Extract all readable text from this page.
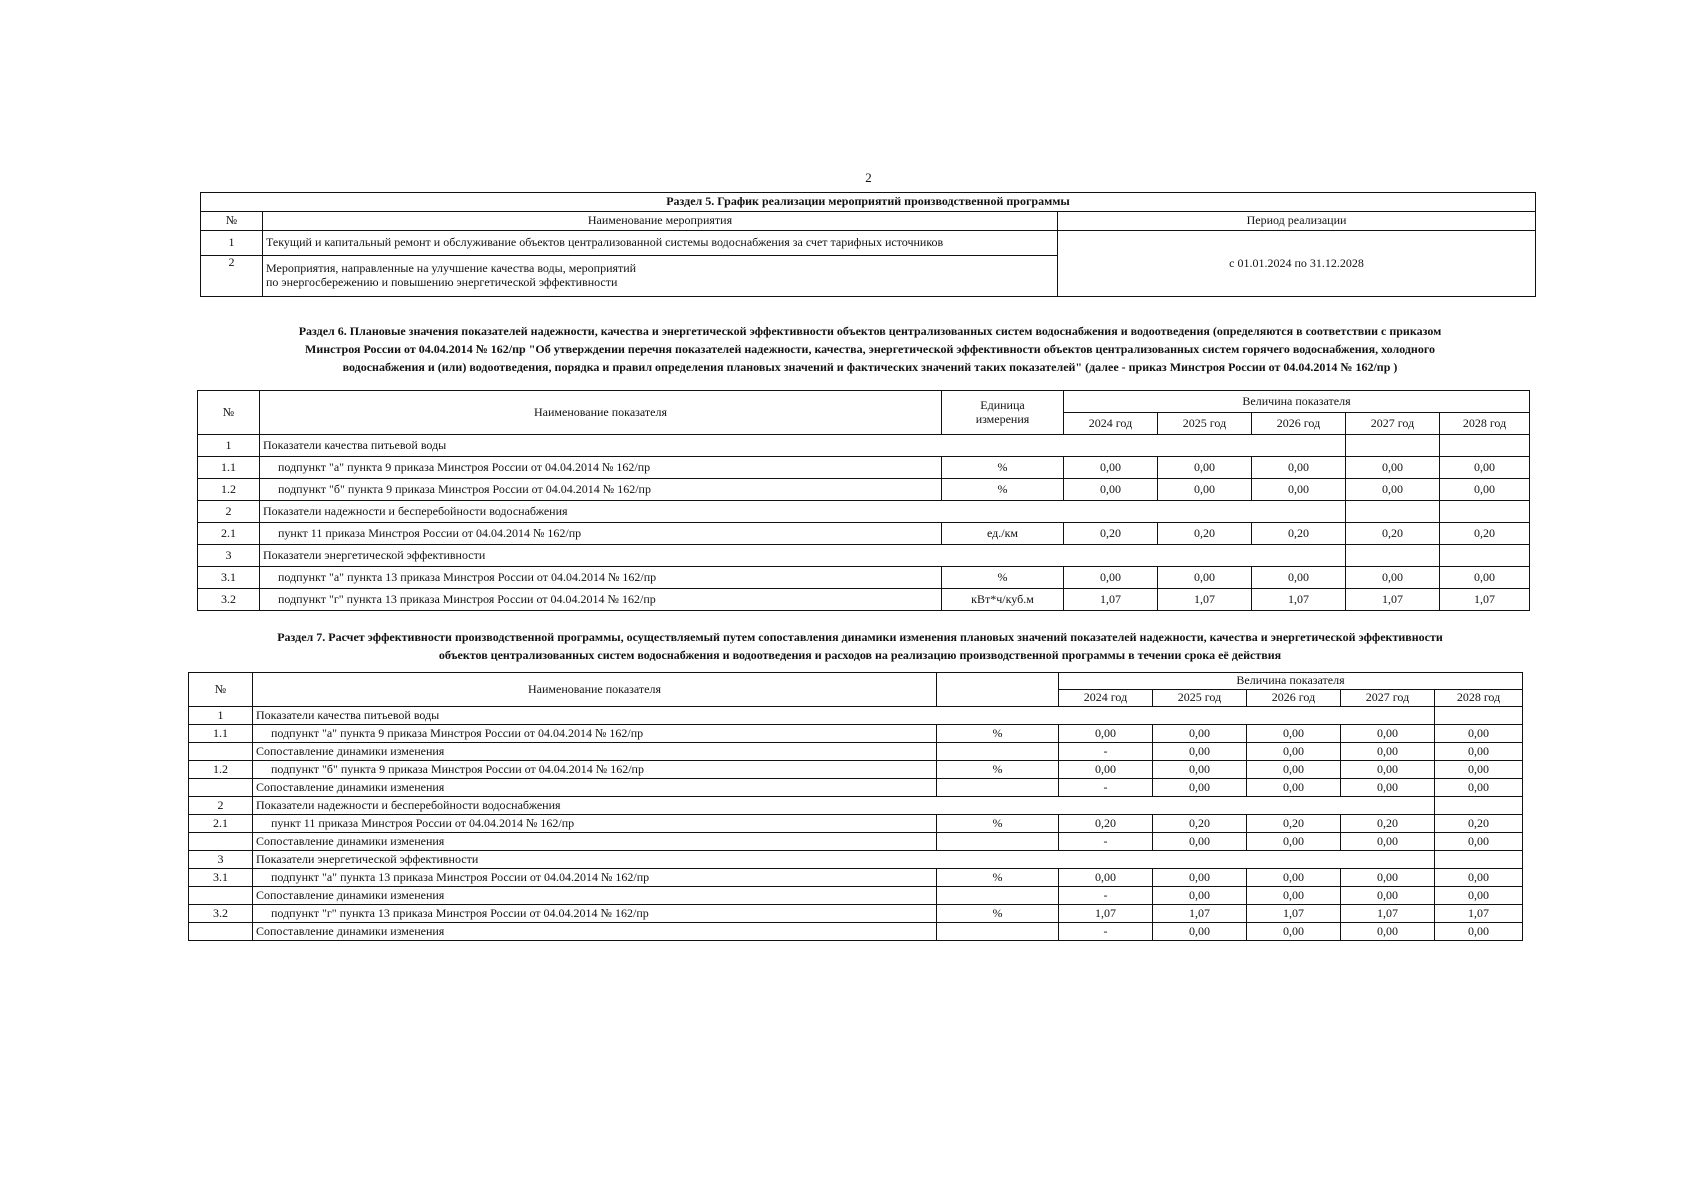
2
Раздел 5. График реализации мероприятий производственной программы		
№	Наименование мероприятия	Период реализации
1	Текущий и капитальный ремонт и обслуживание объектов централизованной системы водоснабжения за счет тарифных источников	с 01.01.2024 по 31.12.2028
2	Мероприятия, направленные на улучшение качества воды, мероприятий
по энергосбережению и повышению энергетической эффективности	
Раздел 6. Плановые значения показателей надежности, качества и энергетической эффективности объектов централизованных систем водоснабжения и водоотведения (определяются в соответствии с приказом
Минстроя России от 04.04.2014 № 162/пр "Об утверждении перечня показателей надежности, качества, энергетической эффективности объектов централизованных систем горячего водоснабжения, холодного
водоснабжения и (или) водоотведения, порядка и правил определения плановых значений и фактических значений таких показателей" (далее - приказ Минстроя России от 04.04.2014 № 162/пр )
№	Наименование показателя	Единица
измерения	Величина показателя				
			2024 год	2025 год	2026 год	2027 год	2028 год
1	Показатели качества питьевой воды						
1.1	подпункт "а" пункта 9 приказа Минстроя России от 04.04.2014 № 162/пр	%	0,00	0,00	0,00	0,00	0,00
1.2	подпункт "б" пункта 9 приказа Минстроя России от 04.04.2014 № 162/пр	%	0,00	0,00	0,00	0,00	0,00
2	Показатели надежности и бесперебойности водоснабжения						
2.1	пункт 11 приказа Минстроя России от 04.04.2014 № 162/пр	ед./км	0,20	0,20	0,20	0,20	0,20
3	Показатели энергетической эффективности						
3.1	подпункт "а" пункта 13 приказа Минстроя России от 04.04.2014 № 162/пр	%	0,00	0,00	0,00	0,00	0,00
3.2	подпункт "г" пункта 13 приказа Минстроя России от 04.04.2014 № 162/пр	кВт*ч/куб.м	1,07	1,07	1,07	1,07	1,07
Раздел 7. Расчет эффективности производственной программы, осуществляемый путем сопоставления динамики изменения плановых значений показателей надежности, качества и энергетической эффективности
объектов централизованных систем водоснабжения и водоотведения и расходов на реализацию производственной программы в течении срока её действия
№	Наименование показателя		Величина показателя				
			2024 год	2025 год	2026 год	2027 год	2028 год
1	Показатели качества питьевой воды						
1.1	подпункт "а" пункта 9 приказа Минстроя России от 04.04.2014 № 162/пр	%	0,00	0,00	0,00	0,00	0,00
	Сопоставление динамики изменения		-	0,00	0,00	0,00	0,00
1.2	подпункт "б" пункта 9 приказа Минстроя России от 04.04.2014 № 162/пр	%	0,00	0,00	0,00	0,00	0,00
	Сопоставление динамики изменения		-	0,00	0,00	0,00	0,00
2	Показатели надежности и бесперебойности водоснабжения						
2.1	пункт 11 приказа Минстроя России от 04.04.2014 № 162/пр	%	0,20	0,20	0,20	0,20	0,20
	Сопоставление динамики изменения		-	0,00	0,00	0,00	0,00
3	Показатели энергетической эффективности						
3.1	подпункт "а" пункта 13 приказа Минстроя России от 04.04.2014 № 162/пр	%	0,00	0,00	0,00	0,00	0,00
	Сопоставление динамики изменения		-	0,00	0,00	0,00	0,00
3.2	подпункт "г" пункта 13 приказа Минстроя России от 04.04.2014 № 162/пр	%	1,07	1,07	1,07	1,07	1,07
	Сопоставление динамики изменения		-	0,00	0,00	0,00	0,00
